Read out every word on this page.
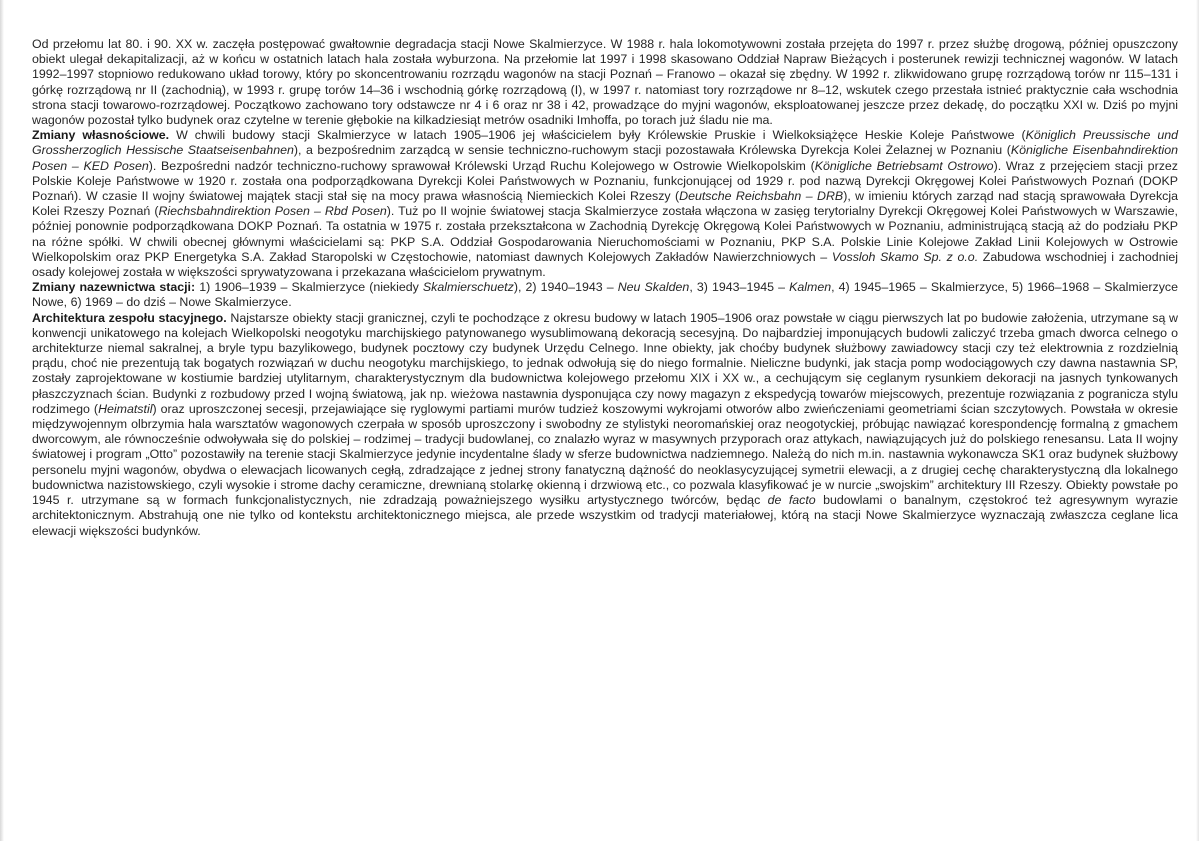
Od przełomu lat 80. i 90. XX w. zaczęła postępować gwałtownie degradacja stacji Nowe Skalmierzyce. W 1988 r. hala lokomotywowni została przejęta do 1997 r. przez służbę drogową, później opuszczony obiekt ulegał dekapitalizacji, aż w końcu w ostatnich latach hala została wyburzona. Na przełomie lat 1997 i 1998 skasowano Oddział Napraw Bieżących i posterunek rewizji technicznej wagonów. W latach 1992–1997 stopniowo redukowano układ torowy, który po skoncentrowaniu rozrządu wagonów na stacji Poznań – Franowo – okazał się zbędny. W 1992 r. zlikwidowano grupę rozrządową torów nr 115–131 i górkę rozrządową nr II (zachodnią), w 1993 r. grupę torów 14–36 i wschodnią górkę rozrządową (I), w 1997 r. natomiast tory rozrządowe nr 8–12, wskutek czego przestała istnieć praktycznie cała wschodnia strona stacji towarowo-rozrządowej. Początkowo zachowano tory odstawcze nr 4 i 6 oraz nr 38 i 42, prowadzące do myjni wagonów, eksploatowanej jeszcze przez dekadę, do początku XXI w. Dziś po myjni wagonów pozostał tylko budynek oraz czytelne w terenie głębokie na kilkadziesiąt metrów osadniki Imhoffa, po torach już śladu nie ma.

Zmiany własnościowe. W chwili budowy stacji Skalmierzyce w latach 1905–1906 jej właścicielem były Królewskie Pruskie i Wielkoksiążęce Heskie Koleje Państwowe (Königlich Preussische und Grossherzoglich Hessische Staatseisenbahnen), a bezpośrednim zarządcą w sensie techniczno-ruchowym stacji pozostawała Królewska Dyrekcja Kolei Żelaznej w Poznaniu (Königliche Eisenbahndirektion Posen – KED Posen). Bezpośredni nadzór techniczno-ruchowy sprawował Królewski Urząd Ruchu Kolejowego w Ostrowie Wielkopolskim (Königliche Betriebsamt Ostrowo). Wraz z przejęciem stacji przez Polskie Koleje Państwowe w 1920 r. została ona podporządkowana Dyrekcji Kolei Państwowych w Poznaniu, funkcjonującej od 1929 r. pod nazwą Dyrekcji Okręgowej Kolei Państwowych Poznań (DOKP Poznań). W czasie II wojny światowej majątek stacji stał się na mocy prawa własnością Niemieckich Kolei Rzeszy (Deutsche Reichsbahn – DRB), w imieniu których zarząd nad stacją sprawowała Dyrekcja Kolei Rzeszy Poznań (Riechsbahndirektion Posen – Rbd Posen). Tuż po II wojnie światowej stacja Skalmierzyce została włączona w zasięg terytorialny Dyrekcji Okręgowej Kolei Państwowych w Warszawie, później ponownie podporządkowana DOKP Poznań. Ta ostatnia w 1975 r. została przekształcona w Zachodnią Dyrekcję Okręgową Kolei Państwowych w Poznaniu, administrującą stacją aż do podziału PKP na różne spółki. W chwili obecnej głównymi właścicielami są: PKP S.A. Oddział Gospodarowania Nieruchomościami w Poznaniu, PKP S.A. Polskie Linie Kolejowe Zakład Linii Kolejowych w Ostrowie Wielkopolskim oraz PKP Energetyka S.A. Zakład Staropolski w Częstochowie, natomiast dawnych Kolejowych Zakładów Nawierzchniowych – Vossloh Skamo Sp. z o.o. Zabudowa wschodniej i zachodniej osady kolejowej została w większości sprywatyzowana i przekazana właścicielom prywatnym.

Zmiany nazewnictwa stacji: 1) 1906–1939 – Skalmierzyce (niekiedy Skalmierschuetz), 2) 1940–1943 – Neu Skalden, 3) 1943–1945 – Kalmen, 4) 1945–1965 – Skalmierzyce, 5) 1966–1968 – Skalmierzyce Nowe, 6) 1969 – do dziś – Nowe Skalmierzyce.

Architektura zespołu stacyjnego. Najstarsze obiekty stacji granicznej, czyli te pochodzące z okresu budowy w latach 1905–1906 oraz powstałe w ciągu pierwszych lat po budowie założenia, utrzymane są w konwencji unikatowego na kolejach Wielkopolski neogotyku marchijskiego patynowanego wysublimowaną dekoracją secesyjną. Do najbardziej imponujących budowli zaliczyć trzeba gmach dworca celnego o architekturze niemal sakralnej, a bryle typu bazylikowego, budynek pocztowy czy budynek Urzędu Celnego. Inne obiekty, jak choćby budynek służbowy zawiadowcy stacji czy też elektrownia z rozdzielnią prądu, choć nie prezentują tak bogatych rozwiązań w duchu neogotyku marchijskiego, to jednak odwołują się do niego formalnie. Nieliczne budynki, jak stacja pomp wodociągowych czy dawna nastawnia SP, zostały zaprojektowane w kostiumie bardziej utylitarnym, charakterystycznym dla budownictwa kolejowego przełomu XIX i XX w., a cechującym się ceglanym rysunkiem dekoracji na jasnych tynkowanych płaszczyznach ścian. Budynki z rozbudowy przed I wojną światową, jak np. wieżowa nastawnia dysponująca czy nowy magazyn z ekspedycją towarów miejscowych, prezentuje rozwiązania z pogranicza stylu rodzimego (Heimatstil) oraz uproszczonej secesji, przejawiające się ryglowymi partiami murów tudzież koszowymi wykrojami otworów albo zwieńczeniami geometriami ścian szczytowych. Powstała w okresie międzywojennym olbrzymia hala warsztatów wagonowych czerpała w sposób uproszczony i swobodny ze stylistyki neoromańskiej oraz neogotyckiej, próbując nawiązać korespondencję formalną z gmachem dworcowym, ale równocześnie odwoływała się do polskiej – rodzimej – tradycji budowlanej, co znalazło wyraz w masywnych przyporach oraz attykach, nawiązujących już do polskiego renesansu. Lata II wojny światowej i program „Otto” pozostawiły na terenie stacji Skalmierzyce jedynie incydentalne ślady w sferze budownictwa nadziemnego. Należą do nich m.in. nastawnia wykonawcza SK1 oraz budynek służbowy personelu myjni wagonów, obydwa o elewacjach licowanych cegłą, zdradzające z jednej strony fanatyczną dążność do neoklasycyzującej symetrii elewacji, a z drugiej cechę charakterystyczną dla lokalnego budownictwa nazistowskiego, czyli wysokie i strome dachy ceramiczne, drewnianą stolarkę okienną i drzwiową etc., co pozwala klasyfikować je w nurcie „swojskim” architektury III Rzeszy. Obiekty powstałe po 1945 r. utrzymane są w formach funkcjonalistycznych, nie zdradzają poważniejszego wysiłku artystycznego twórców, będąc de facto budowlami o banalnym, częstokroć też agresywnym wyrazie architektonicznym. Abstrahują one nie tylko od kontekstu architektonicznego miejsca, ale przede wszystkim od tradycji materiałowej, którą na stacji Nowe Skalmierzyce wyznaczają zwłaszcza ceglane lica elewacji większości budynków.
